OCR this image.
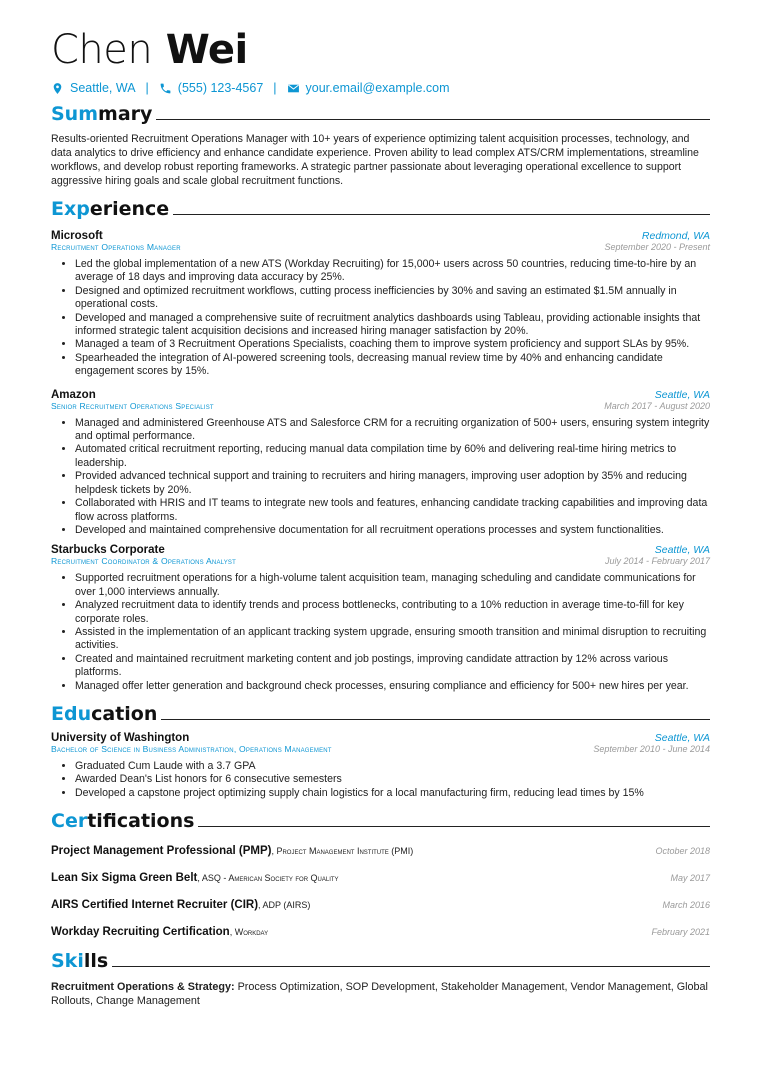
Chen Wei
Seattle, WA | (555) 123-4567 | your.email@example.com
Summary
Results-oriented Recruitment Operations Manager with 10+ years of experience optimizing talent acquisition processes, technology, and data analytics to drive efficiency and enhance candidate experience. Proven ability to lead complex ATS/CRM implementations, streamline workflows, and develop robust reporting frameworks. A strategic partner passionate about leveraging operational excellence to support aggressive hiring goals and scale global recruitment functions.
Experience
Microsoft	Redmond, WA
Recruitment Operations Manager	September 2020 - Present
• Led the global implementation of a new ATS (Workday Recruiting) for 15,000+ users across 50 countries, reducing time-to-hire by an average of 18 days and improving data accuracy by 25%.
• Designed and optimized recruitment workflows, cutting process inefficiencies by 30% and saving an estimated $1.5M annually in operational costs.
• Developed and managed a comprehensive suite of recruitment analytics dashboards using Tableau, providing actionable insights that informed strategic talent acquisition decisions and increased hiring manager satisfaction by 20%.
• Managed a team of 3 Recruitment Operations Specialists, coaching them to improve system proficiency and support SLAs by 95%.
• Spearheaded the integration of AI-powered screening tools, decreasing manual review time by 40% and enhancing candidate engagement scores by 15%.
Amazon	Seattle, WA
Senior Recruitment Operations Specialist	March 2017 - August 2020
• Managed and administered Greenhouse ATS and Salesforce CRM for a recruiting organization of 500+ users, ensuring system integrity and optimal performance.
• Automated critical recruitment reporting, reducing manual data compilation time by 60% and delivering real-time hiring metrics to leadership.
• Provided advanced technical support and training to recruiters and hiring managers, improving user adoption by 35% and reducing helpdesk tickets by 20%.
• Collaborated with HRIS and IT teams to integrate new tools and features, enhancing candidate tracking capabilities and improving data flow across platforms.
• Developed and maintained comprehensive documentation for all recruitment operations processes and system functionalities.
Starbucks Corporate	Seattle, WA
Recruitment Coordinator & Operations Analyst	July 2014 - February 2017
• Supported recruitment operations for a high-volume talent acquisition team, managing scheduling and candidate communications for over 1,000 interviews annually.
• Analyzed recruitment data to identify trends and process bottlenecks, contributing to a 10% reduction in average time-to-fill for key corporate roles.
• Assisted in the implementation of an applicant tracking system upgrade, ensuring smooth transition and minimal disruption to recruiting activities.
• Created and maintained recruitment marketing content and job postings, improving candidate attraction by 12% across various platforms.
• Managed offer letter generation and background check processes, ensuring compliance and efficiency for 500+ new hires per year.
Education
University of Washington	Seattle, WA
Bachelor of Science in Business Administration, Operations Management	September 2010 - June 2014
• Graduated Cum Laude with a 3.7 GPA
• Awarded Dean's List honors for 6 consecutive semesters
• Developed a capstone project optimizing supply chain logistics for a local manufacturing firm, reducing lead times by 15%
Certifications
Project Management Professional (PMP), Project Management Institute (PMI)	October 2018
Lean Six Sigma Green Belt, ASQ - American Society for Quality	May 2017
AIRS Certified Internet Recruiter (CIR), ADP (AIRS)	March 2016
Workday Recruiting Certification, Workday	February 2021
Skills
Recruitment Operations & Strategy: Process Optimization, SOP Development, Stakeholder Management, Vendor Management, Global Rollouts, Change Management
